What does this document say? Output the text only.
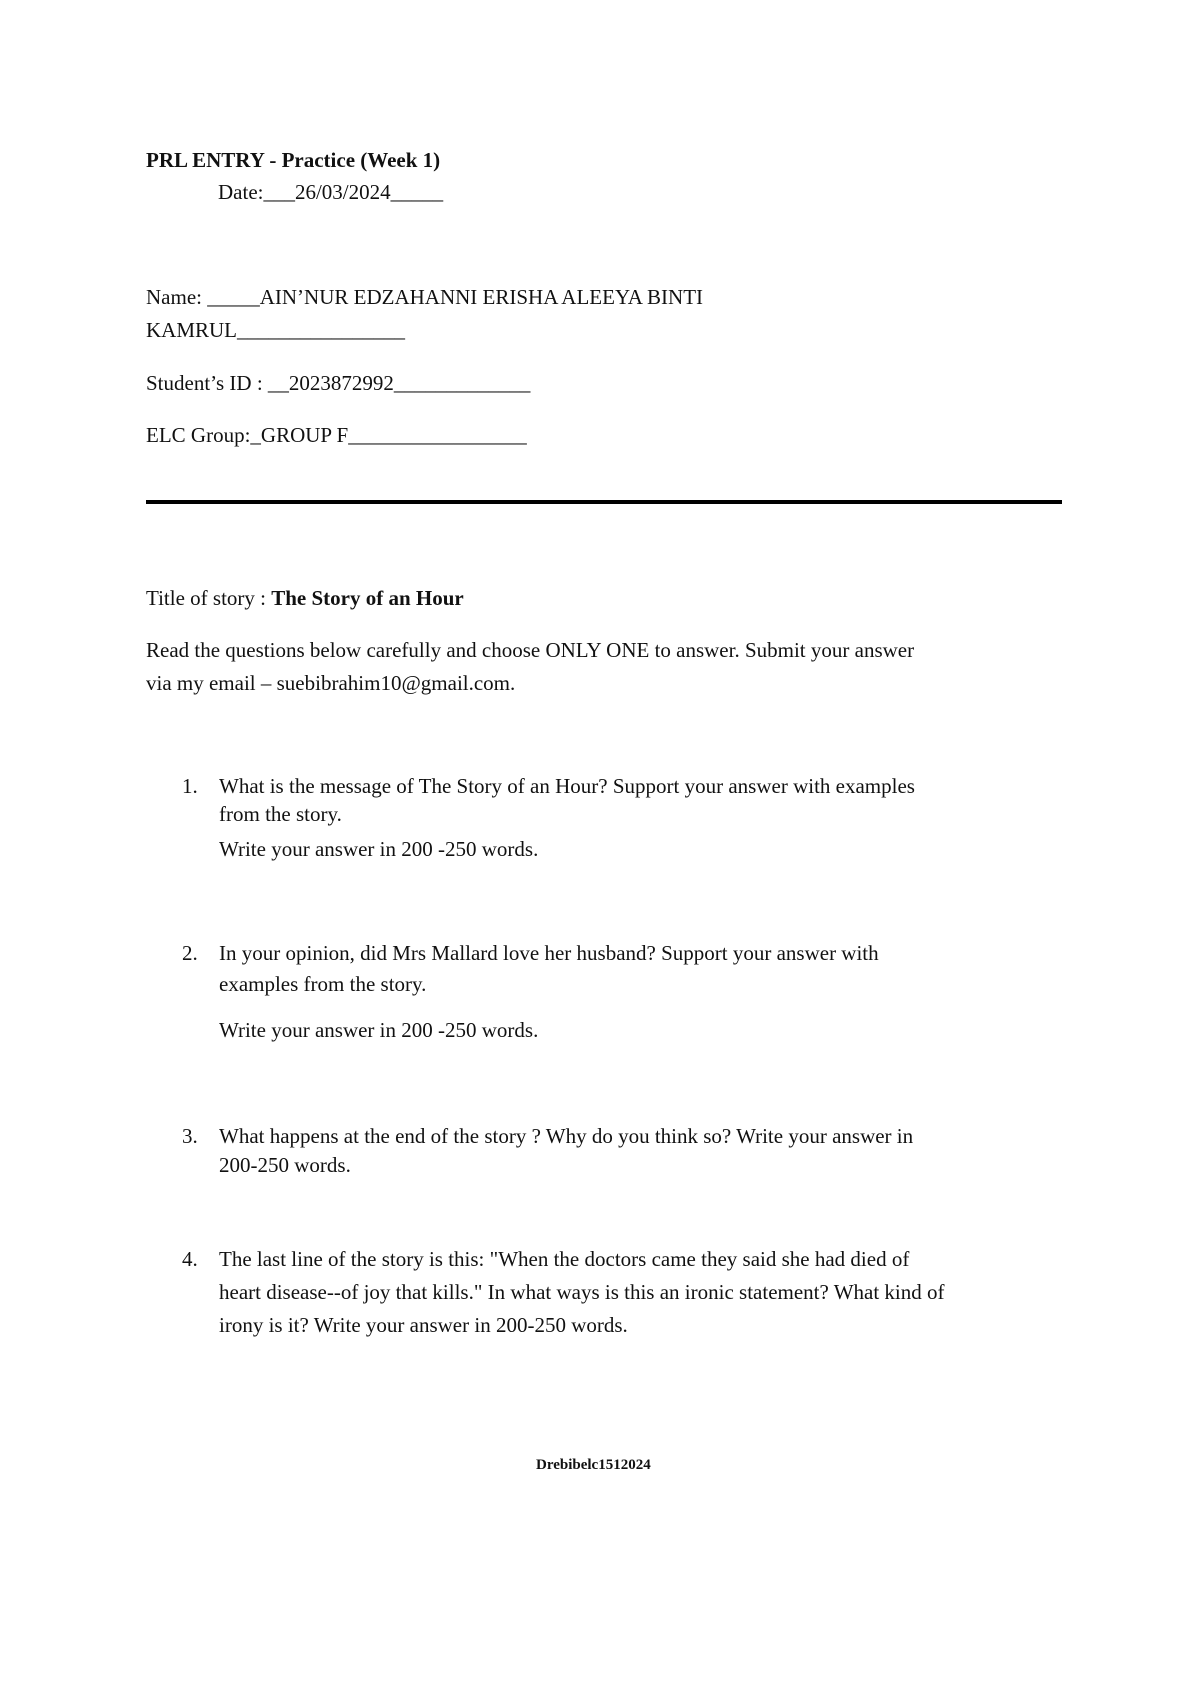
PRL ENTRY - Practice (Week 1)
Date:___26/03/2024_____
Name: _____AIN’NUR EDZAHANNI ERISHA ALEEYA BINTI
KAMRUL________________
Student’s ID : __2023872992_____________
ELC Group:_GROUP F_________________
Title of story : The Story of an Hour
Read the questions below carefully and choose ONLY ONE to answer. Submit your answer
via my email – suebibrahim10@gmail.com.
1. What is the message of The Story of an Hour? Support your answer with examples
from the story.
Write your answer in 200 -250 words.
2. In your opinion, did Mrs Mallard love her husband? Support your answer with
examples from the story.
Write your answer in 200 -250 words.
3. What happens at the end of the story ? Why do you think so? Write your answer in
200-250 words.
4. The last line of the story is this: "When the doctors came they said she had died of
heart disease--of joy that kills." In what ways is this an ironic statement? What kind of
irony is it? Write your answer in 200-250 words.
Drebibelc1512024
